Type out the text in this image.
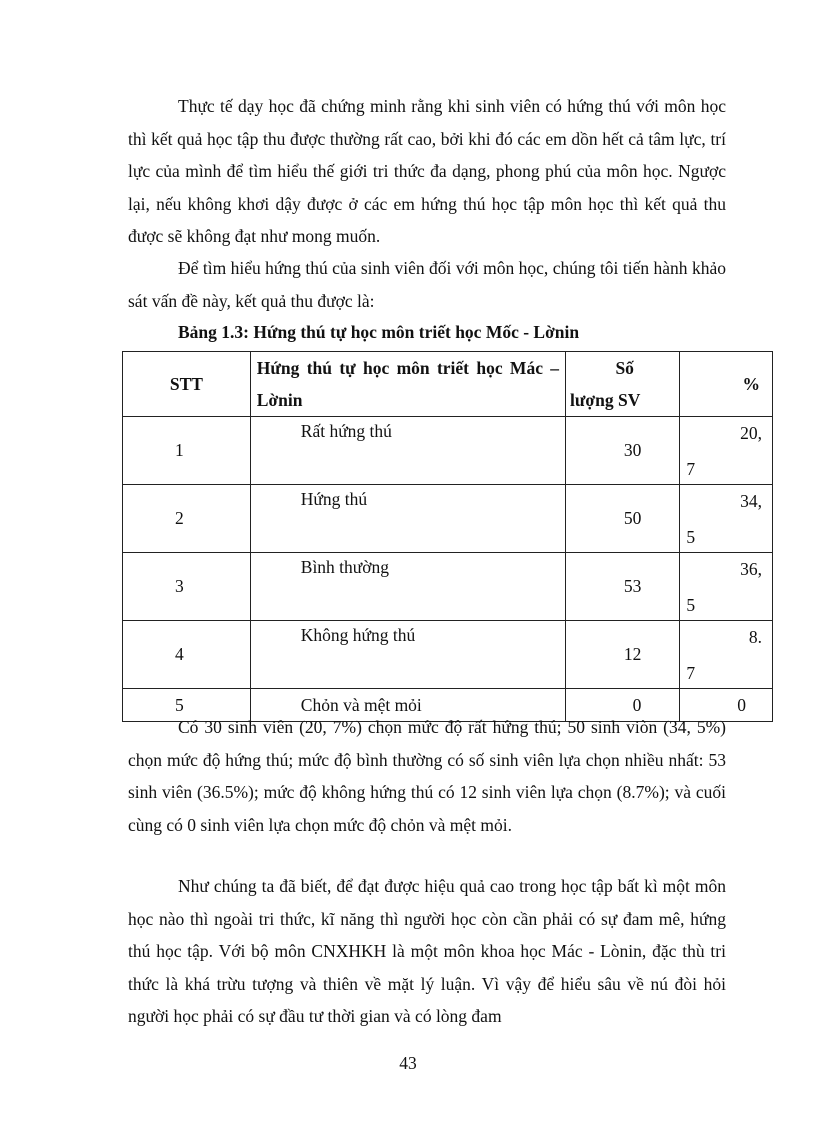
Thực tế dạy học đã chứng minh rằng khi sinh viên có hứng thú với môn học thì kết quả học tập thu được thường rất cao, bởi khi đó các em dồn hết cả tâm lực, trí lực của mình để tìm hiểu thế giới tri thức đa dạng, phong phú của môn học. Ngược lại, nếu không khơi dậy được ở các em hứng thú học tập môn học thì kết quả thu được sẽ không đạt như mong muốn.

Để tìm hiểu hứng thú của sinh viên đối với môn học, chúng tôi tiến hành khảo sát vấn đề này, kết quả thu được là:

Bảng 1.3: Hứng thú tự học môn triết học Mốc - Lờnin

STT	Hứng thú tự học môn triết học Mác – Lờnin	Số
lượng SV	%
1	Rất hứng thú	30	20,
7

2	Hứng thú	50	34,
5

3	Bình thường	53	36,
5

4	Không hứng thú	12	8.
7

5	Chỏn và mệt mỏi	0	0

Có 30 sinh viên (20, 7%) chọn mức độ rất hứng thú; 50 sinh viòn (34, 5%) chọn mức độ hứng thú; mức độ bình thường có số sinh viên lựa chọn nhiều nhất: 53 sinh viên (36.5%); mức độ không hứng thú có 12 sinh viên lựa chọn (8.7%); và cuối cùng có 0 sinh viên lựa chọn mức độ chỏn và mệt mỏi.

Như chúng ta đã biết, để đạt được hiệu quả cao trong học tập bất kì một môn học nào thì ngoài tri thức, kĩ năng thì người học còn cần phải có sự đam mê, hứng thú học tập. Với bộ môn CNXHKH là một môn khoa học Mác - Lònin, đặc thù tri thức là khá trừu tượng và thiên về mặt lý luận. Vì vậy để hiểu sâu về nú đòi hỏi người học phải có sự đầu tư thời gian và có lòng đam

43
